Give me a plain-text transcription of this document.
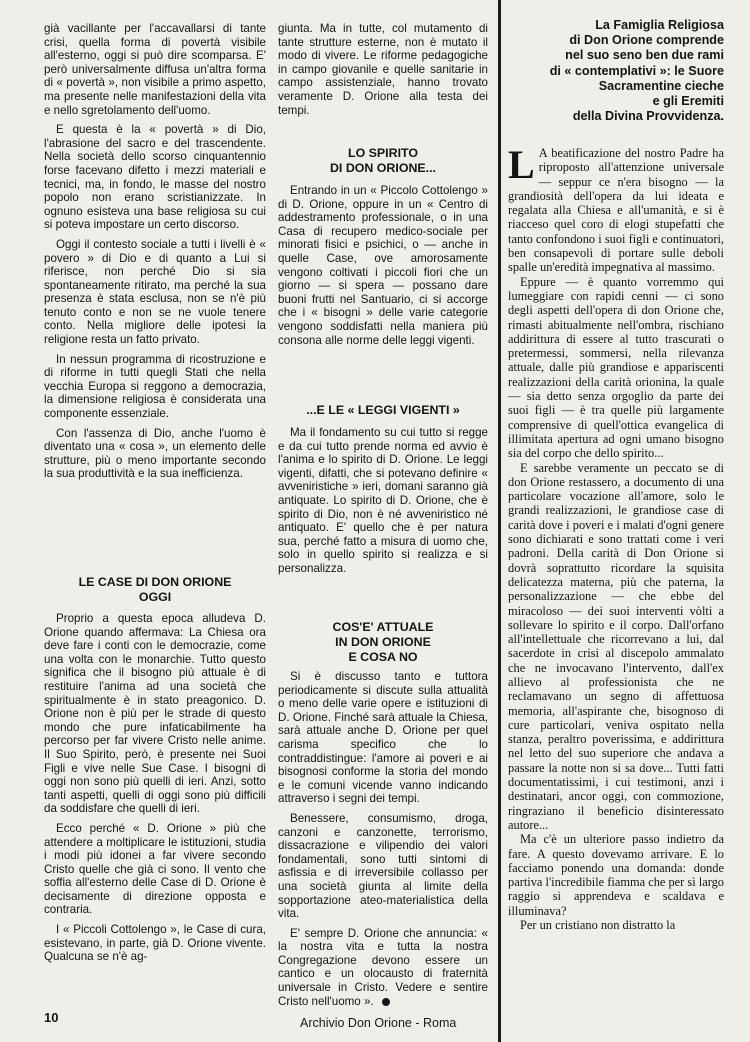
già vacillante per l'accavallarsi di tante crisi, quella forma di povertà visibile all'esterno, oggi si può dire scomparsa. E' però universalmente diffusa un'altra forma di « povertà », non visibile a primo aspetto, ma presente nelle manifestazioni della vita e nello sgretolamento dell'uomo.

E questa è la « povertà » di Dio, l'abrasione del sacro e del trascendente. Nella società dello scorso cinquantennio forse facevano difetto i mezzi materiali e tecnici, ma, in fondo, le masse del nostro popolo non erano scristianizzate. In ognuno esisteva una base religiosa su cui si poteva impostare un certo discorso.

Oggi il contesto sociale a tutti i livelli è « povero » di Dio e di quanto a Lui si riferisce, non perché Dio si sia spontaneamente ritirato, ma perché la sua presenza è stata esclusa, non se n'è più tenuto conto e non se ne vuole tenere conto. Nella migliore delle ipotesi la religione resta un fatto privato.

In nessun programma di ricostruzione e di riforme in tutti quegli Stati che nella vecchia Europa si reggono a democrazia, la dimensione religiosa è considerata una componente essenziale.

Con l'assenza di Dio, anche l'uomo è diventato una « cosa », un elemento delle strutture, più o meno importante secondo la sua produttività e la sua inefficienza.

LE CASE DI DON ORIONE
OGGI

Proprio a questa epoca alludeva D. Orione quando affermava: La Chiesa ora deve fare i conti con le democrazie, come una volta con le monarchie. Tutto questo significa che il bisogno più attuale è di restituire l'anima ad una società che spiritualmente è in stato preagonico. D. Orione non è più per le strade di questo mondo che pure infaticabilmente ha percorso per far vivere Cristo nelle anime. Il Suo Spirito, però, è presente nei Suoi Figli e vive nelle Sue Case. I bisogni di oggi non sono più quelli di ieri. Anzi, sotto tanti aspetti, quelli di oggi sono più difficili da soddisfare che quelli di ieri.

Ecco perché « D. Orione » più che attendere a moltiplicare le istituzioni, studia i modi più idonei a far vivere secondo Cristo quelle che già ci sono. Il vento che soffia all'esterno delle Case di D. Orione è decisamente di direzione opposta e contraria.

I « Piccoli Cottolengo », le Case di cura, esistevano, in parte, già D. Orione vivente. Qualcuna se n'è ag-

giunta. Ma in tutte, col mutamento di tante strutture esterne, non è mutato il modo di vivere. Le riforme pedagogiche in campo giovanile e quelle sanitarie in campo assistenziale, hanno trovato veramente D. Orione alla testa dei tempi.

LO SPIRITO
DI DON ORIONE...

Entrando in un « Piccolo Cottolengo » di D. Orione, oppure in un « Centro di addestramento professionale, o in una Casa di recupero medico-sociale per minorati fisici e psichici, o — anche in quelle Case, ove amorosamente vengono coltivati i piccoli fiori che un giorno — si spera — possano dare buoni frutti nel Santuario, ci si accorge che i « bisogni » delle varie categorie vengono soddisfatti nella maniera più consona alle norme delle leggi vigenti.

...E LE « LEGGI VIGENTI »

Ma il fondamento su cui tutto si regge e da cui tutto prende norma ed avvio è l'anima e lo spirito di D. Orione. Le leggi vigenti, difatti, che si potevano definire « avveniristiche » ieri, domani saranno già antiquate. Lo spirito di D. Orione, che è spirito di Dio, non è né avveniristico né antiquato. E' quello che è per natura sua, perché fatto a misura di uomo che, solo in quello spirito si realizza e si personalizza.

COS'E' ATTUALE
IN DON ORIONE
E COSA NO

Si è discusso tanto e tuttora periodicamente si discute sulla attualità o meno delle varie opere e istituzioni di D. Orione. Finché sarà attuale la Chiesa, sarà attuale anche D. Orione per quel carisma specifico che lo contraddistingue: l'amore ai poveri e ai bisognosi conforme la storia del mondo e le comuni vicende vanno indicando attraverso i segni dei tempi.

Benessere, consumismo, droga, canzoni e canzonette, terrorismo, dissacrazione e vilipendio dei valori fondamentali, sono tutti sintomi di asfissia e di irreversibile collasso per una società giunta al limite della sopportazione ateo-materialistica della vita.

E' sempre D. Orione che annuncia: « la nostra vita e tutta la nostra Congregazione devono essere un cantico e un olocausto di fraternità universale in Cristo. Vedere e sentire Cristo nell'uomo ».

La Famiglia Religiosa
di Don Orione comprende
nel suo seno ben due rami
di « contemplativi »: le Suore
Sacramentine cieche
e gli Eremiti
della Divina Provvidenza.

L A beatificazione del nostro Padre ha riproposto all'attenzione universale — seppur ce n'era bisogno — la grandiosità dell'opera da lui ideata e regalata alla Chiesa e all'umanità, e si è riacceso quel coro di elogi stupefatti che tanto confondono i suoi figli e continuatori, ben consapevoli di portare sulle deboli spalle un'eredità impegnativa al massimo.

Eppure — è quanto vorremmo qui lumeggiare con rapidi cenni — ci sono degli aspetti dell'opera di don Orione che, rimasti abitualmente nell'ombra, rischiano addirittura di essere al tutto trascurati o pretermessi, sommersi, nella rilevanza attuale, dalle più grandiose e appariscenti realizzazioni della carità orionina, la quale — sia detto senza orgoglio da parte dei suoi figli — è tra quelle più largamente comprensive di quell'ottica evangelica di illimitata apertura ad ogni umano bisogno sia del corpo che dello spirito...

E sarebbe veramente un peccato se di don Orione restassero, a documento di una particolare vocazione all'amore, solo le grandi realizzazioni, le grandiose case di carità dove i poveri e i malati d'ogni genere sono dichiarati e sono trattati come i veri padroni. Della carità di Don Orione si dovrà soprattutto ricordare la squisita delicatezza materna, più che paterna, la personalizzazione — che ebbe del miracoloso — dei suoi interventi vòlti a sollevare lo spirito e il corpo. Dall'orfano all'intellettuale che ricorrevano a lui, dal sacerdote in crisi al discepolo ammalato che ne invocavano l'intervento, dall'ex allievo al professionista che ne reclamavano un segno di affettuosa memoria, all'aspirante che, bisognoso di cure particolari, veniva ospitato nella stanza, peraltro poverissima, e addirittura nel letto del suo superiore che andava a passare la notte non si sa dove... Tutti fatti documentatissimi, i cui testimoni, anzi i destinatari, ancor oggi, con commozione, ringraziano il beneficio disinteressato autore...

Ma c'è un ulteriore passo indietro da fare. A questo dovevamo arrivare. E lo facciamo ponendo una domanda: donde partiva l'incredibile fiamma che per sì largo raggio si apprendeva e scaldava e illuminava?

Per un cristiano non distratto la

10	Archivio Don Orione - Roma
